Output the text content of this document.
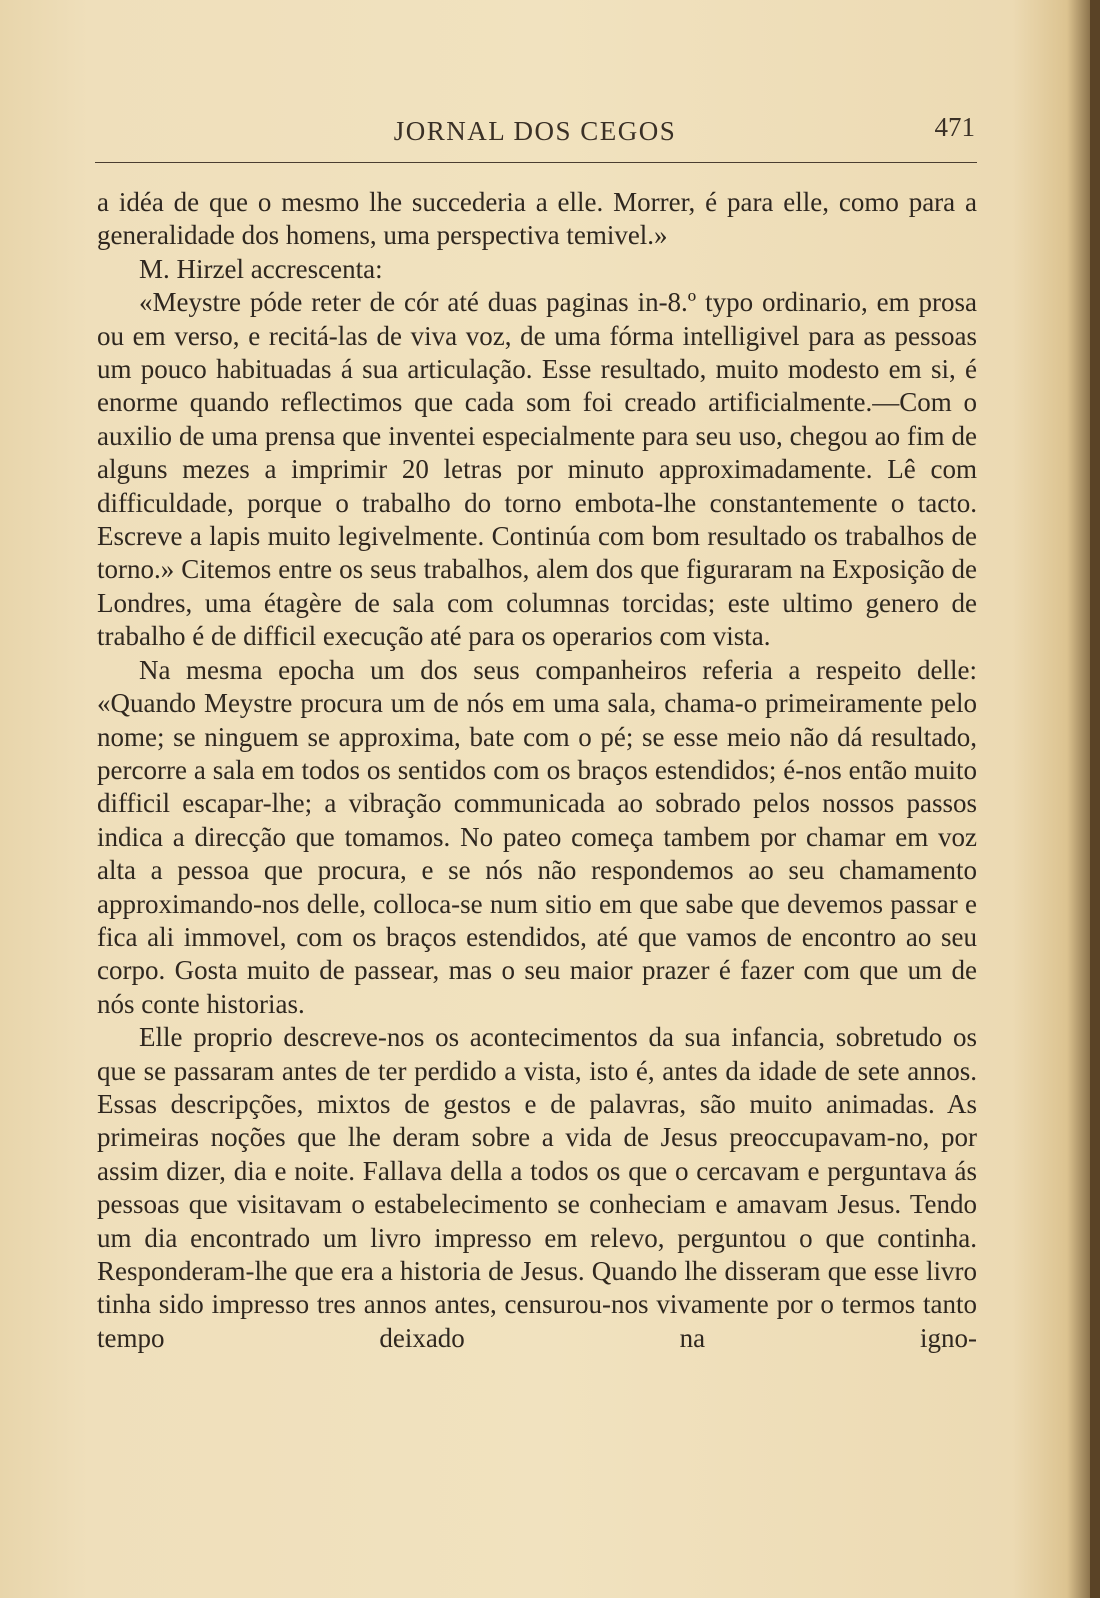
JORNAL DOS CEGOS	471

a idéa de que o mesmo lhe succederia a elle. Morrer, é para elle, como para a generalidade dos homens, uma perspectiva temivel.»

M. Hirzel accrescenta:

«Meystre póde reter de cór até duas paginas in-8.º typo ordinario, em prosa ou em verso, e recitá-las de viva voz, de uma fórma intelligivel para as pessoas um pouco habituadas á sua articulação. Esse resultado, muito modesto em si, é enorme quando reflectimos que cada som foi creado artificialmente.—Com o auxilio de uma prensa que inventei especialmente para seu uso, chegou ao fim de alguns mezes a imprimir 20 letras por minuto approximadamente. Lê com difficuldade, porque o trabalho do torno embota-lhe constantemente o tacto. Escreve a lapis muito legivelmente. Continúa com bom resultado os trabalhos de torno.» Citemos entre os seus trabalhos, alem dos que figuraram na Exposição de Londres, uma étagère de sala com columnas torcidas; este ultimo genero de trabalho é de difficil execução até para os operarios com vista.

Na mesma epocha um dos seus companheiros referia a respeito delle: «Quando Meystre procura um de nós em uma sala, chama-o primeiramente pelo nome; se ninguem se approxima, bate com o pé; se esse meio não dá resultado, percorre a sala em todos os sentidos com os braços estendidos; é-nos então muito difficil escapar-lhe; a vibração communicada ao sobrado pelos nossos passos indica a direcção que tomamos. No pateo começa tambem por chamar em voz alta a pessoa que procura, e se nós não respondemos ao seu chamamento approximando-nos delle, colloca-se num sitio em que sabe que devemos passar e fica ali immovel, com os braços estendidos, até que vamos de encontro ao seu corpo. Gosta muito de passear, mas o seu maior prazer é fazer com que um de nós conte historias.

Elle proprio descreve-nos os acontecimentos da sua infancia, sobretudo os que se passaram antes de ter perdido a vista, isto é, antes da idade de sete annos. Essas descripções, mixtos de gestos e de palavras, são muito animadas. As primeiras noções que lhe deram sobre a vida de Jesus preoccupavam-no, por assim dizer, dia e noite. Fallava della a todos os que o cercavam e perguntava ás pessoas que visitavam o estabelecimento se conheciam e amavam Jesus. Tendo um dia encontrado um livro impresso em relevo, perguntou o que continha. Responderam-lhe que era a historia de Jesus. Quando lhe disseram que esse livro tinha sido impresso tres annos antes, censurou-nos vivamente por o termos tanto tempo deixado na igno-
